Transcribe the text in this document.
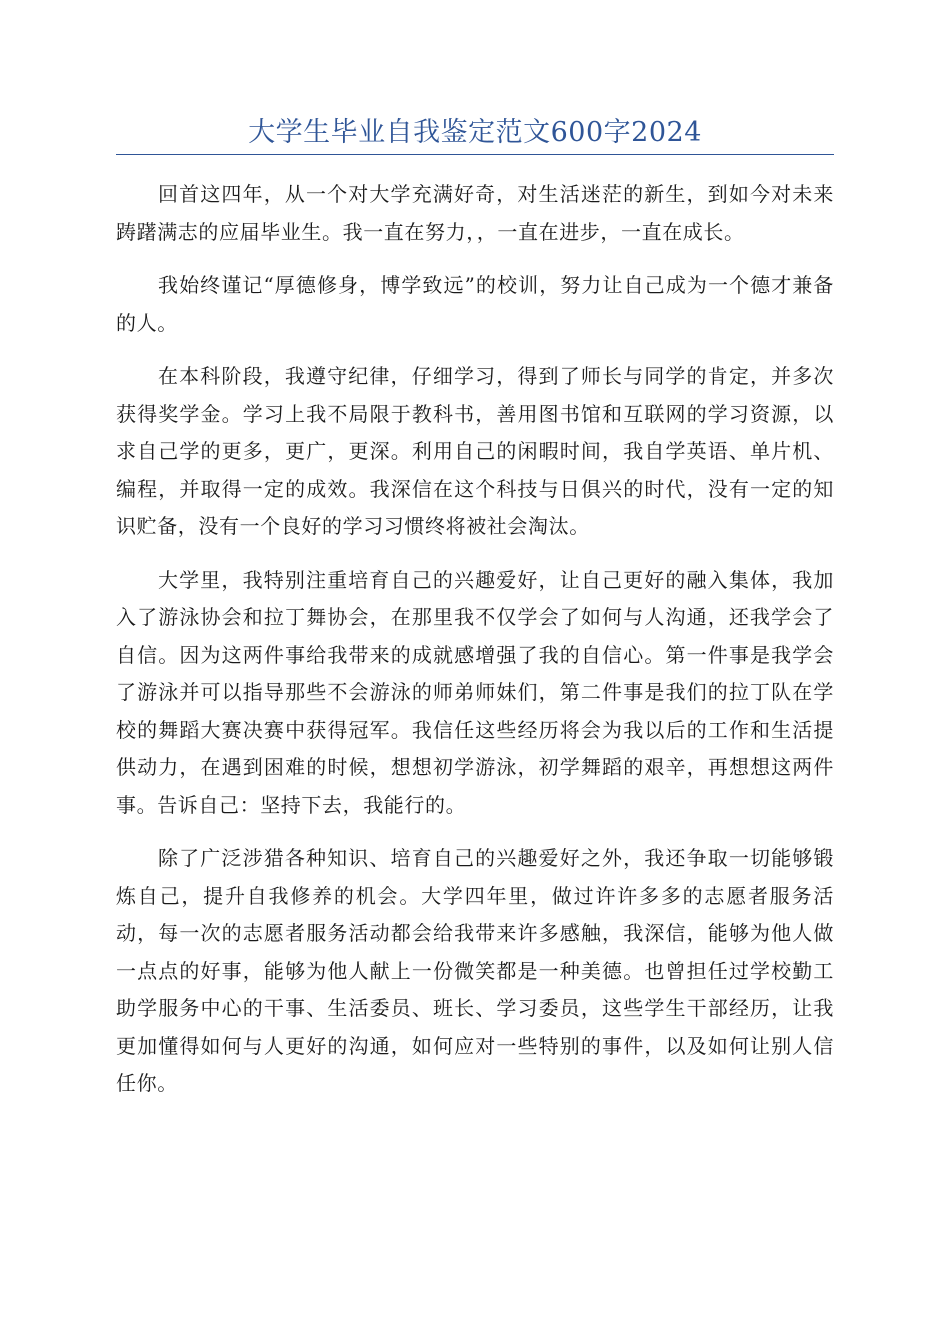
大学生毕业自我鉴定范文600字2024

回首这四年，从一个对大学充满好奇，对生活迷茫的新生，到如今对未来踌躇满志的应届毕业生。我一直在努力，，一直在进步，一直在成长。

我始终谨记“厚德修身，博学致远”的校训，努力让自己成为一个德才兼备的人。

在本科阶段，我遵守纪律，仔细学习，得到了师长与同学的肯定，并多次获得奖学金。学习上我不局限于教科书，善用图书馆和互联网的学习资源，以求自己学的更多，更广，更深。利用自己的闲暇时间，我自学英语、单片机、编程，并取得一定的成效。我深信在这个科技与日俱兴的时代，没有一定的知识贮备，没有一个良好的学习习惯终将被社会淘汰。

大学里，我特别注重培育自己的兴趣爱好，让自己更好的融入集体，我加入了游泳协会和拉丁舞协会，在那里我不仅学会了如何与人沟通，还我学会了自信。因为这两件事给我带来的成就感增强了我的自信心。第一件事是我学会了游泳并可以指导那些不会游泳的师弟师妹们，第二件事是我们的拉丁队在学校的舞蹈大赛决赛中获得冠军。我信任这些经历将会为我以后的工作和生活提供动力，在遇到困难的时候，想想初学游泳，初学舞蹈的艰辛，再想想这两件事。告诉自己：坚持下去，我能行的。

除了广泛涉猎各种知识、培育自己的兴趣爱好之外，我还争取一切能够锻炼自己，提升自我修养的机会。大学四年里，做过许许多多的志愿者服务活动，每一次的志愿者服务活动都会给我带来许多感触，我深信，能够为他人做一点点的好事，能够为他人献上一份微笑都是一种美德。也曾担任过学校勤工助学服务中心的干事、生活委员、班长、学习委员，这些学生干部经历，让我更加懂得如何与人更好的沟通，如何应对一些特别的事件，以及如何让别人信任你。
